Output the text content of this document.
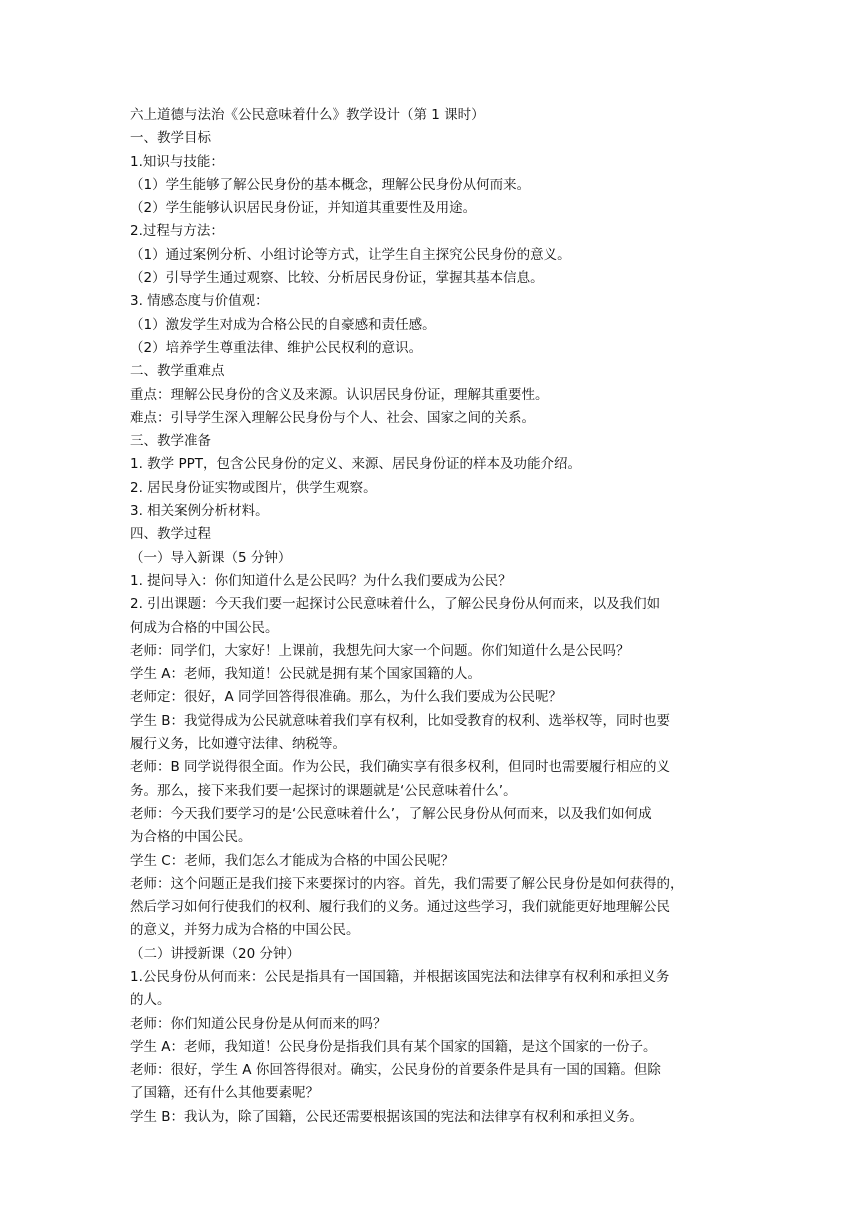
六上道德与法治《公民意味着什么》教学设计（第 1 课时）
一、教学目标
1.知识与技能：
（1）学生能够了解公民身份的基本概念，理解公民身份从何而来。
（2）学生能够认识居民身份证，并知道其重要性及用途。
2.过程与方法：
（1）通过案例分析、小组讨论等方式，让学生自主探究公民身份的意义。
（2）引导学生通过观察、比较、分析居民身份证，掌握其基本信息。
3. 情感态度与价值观：
（1）激发学生对成为合格公民的自豪感和责任感。
（2）培养学生尊重法律、维护公民权利的意识。
二、教学重难点
重点：理解公民身份的含义及来源。认识居民身份证，理解其重要性。
难点：引导学生深入理解公民身份与个人、社会、国家之间的关系。
三、教学准备
1. 教学 PPT，包含公民身份的定义、来源、居民身份证的样本及功能介绍。
2. 居民身份证实物或图片，供学生观察。
3. 相关案例分析材料。
四、教学过程
（一）导入新课（5 分钟）
1. 提问导入：你们知道什么是公民吗？为什么我们要成为公民？
2. 引出课题：今天我们要一起探讨公民意味着什么，了解公民身份从何而来，以及我们如
何成为合格的中国公民。
老师：同学们，大家好！上课前，我想先问大家一个问题。你们知道什么是公民吗？
学生 A：老师，我知道！公民就是拥有某个国家国籍的人。
老师定：很好，A 同学回答得很准确。那么，为什么我们要成为公民呢？
学生 B：我觉得成为公民就意味着我们享有权利，比如受教育的权利、选举权等，同时也要
履行义务，比如遵守法律、纳税等。
老师：B 同学说得很全面。作为公民，我们确实享有很多权利，但同时也需要履行相应的义
务。那么，接下来我们要一起探讨的课题就是‘公民意味着什么’。
老师：今天我们要学习的是‘公民意味着什么’，了解公民身份从何而来，以及我们如何成
为合格的中国公民。
学生 C：老师，我们怎么才能成为合格的中国公民呢？
老师：这个问题正是我们接下来要探讨的内容。首先，我们需要了解公民身份是如何获得的，
然后学习如何行使我们的权利、履行我们的义务。通过这些学习，我们就能更好地理解公民
的意义，并努力成为合格的中国公民。
（二）讲授新课（20 分钟）
1.公民身份从何而来：公民是指具有一国国籍，并根据该国宪法和法律享有权利和承担义务
的人。
老师：你们知道公民身份是从何而来的吗？
学生 A：老师，我知道！公民身份是指我们具有某个国家的国籍，是这个国家的一份子。
老师：很好，学生 A 你回答得很对。确实，公民身份的首要条件是具有一国的国籍。但除
了国籍，还有什么其他要素呢？
学生 B：我认为，除了国籍，公民还需要根据该国的宪法和法律享有权利和承担义务。
